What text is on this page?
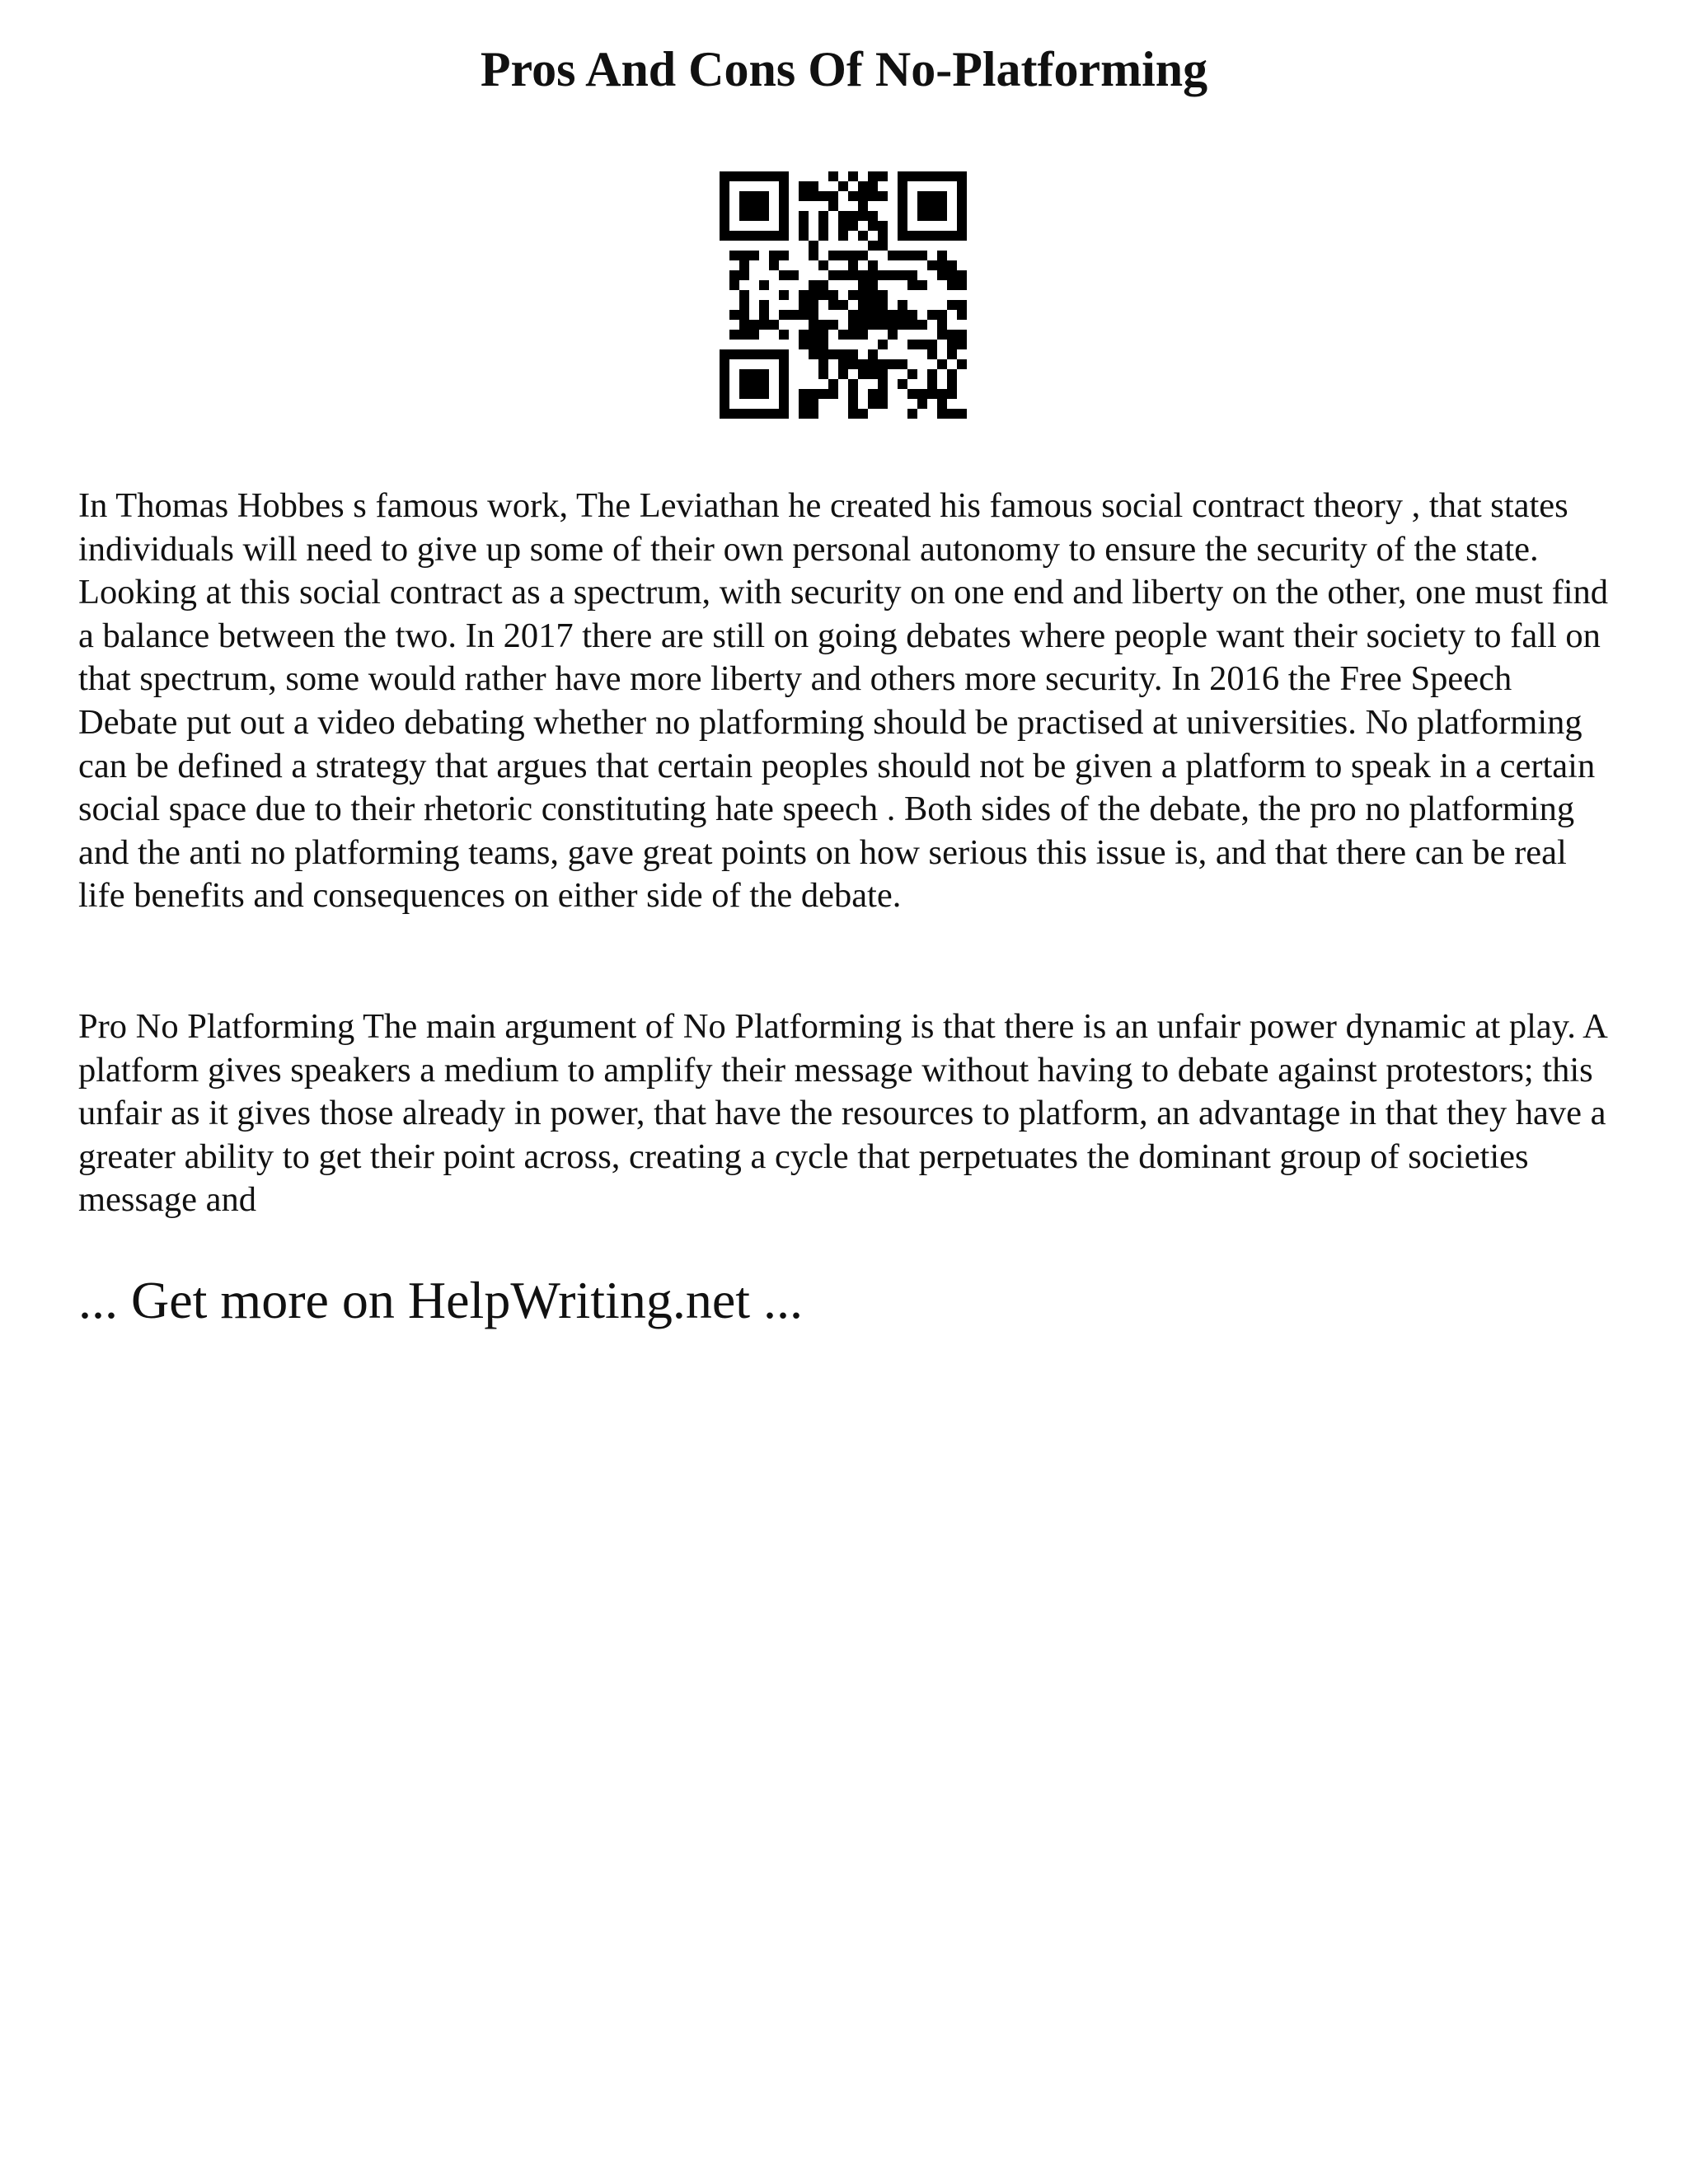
Pros And Cons Of No-Platforming

In Thomas Hobbes s famous work, The Leviathan he created his famous social contract theory , that states individuals will need to give up some of their own personal autonomy to ensure the security of the state. Looking at this social contract as a spectrum, with security on one end and liberty on the other, one must find a balance between the two. In 2017 there are still on going debates where people want their society to fall on that spectrum, some would rather have more liberty and others more security. In 2016 the Free Speech Debate put out a video debating whether no platforming should be practised at universities. No platforming can be defined a strategy that argues that certain peoples should not be given a platform to speak in a certain social space due to their rhetoric constituting hate speech . Both sides of the debate, the pro no platforming and the anti no platforming teams, gave great points on how serious this issue is, and that there can be real life benefits and consequences on either side of the debate.

Pro No Platforming The main argument of No Platforming is that there is an unfair power dynamic at play. A platform gives speakers a medium to amplify their message without having to debate against protestors; this unfair as it gives those already in power, that have the resources to platform, an advantage in that they have a greater ability to get their point across, creating a cycle that perpetuates the dominant group of societies message and

... Get more on HelpWriting.net ...
